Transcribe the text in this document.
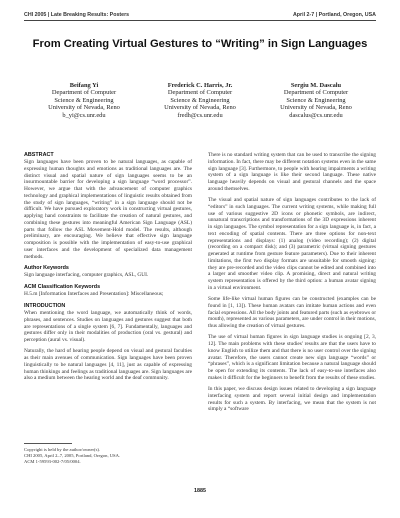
CHI 2005 | Late Breaking Results: Posters	April 2-7 | Portland, Oregon, USA
From Creating Virtual Gestures to “Writing” in Sign Languages
Beifang Yi
Department of Computer
Science & Engineering
University of Nevada, Reno
b_yi@cs.unr.edu
Frederick C. Harris, Jr.
Department of Computer
Science & Engineering
University of Nevada, Reno
fredh@cs.unr.edu
Sergiu M. Dascalu
Department of Computer
Science & Engineering
University of Nevada, Reno
dascalus@cs.unr.edu
ABSTRACT

Sign languages have been proven to be natural languages, as capable of expressing human thoughts and emotions as traditional languages are. The distinct visual and spatial nature of sign languages seems to be an insurmountable barrier for developing a sign language “word processor”. However, we argue that with the advancement of computer graphics technology and graphical implementations of linguistic results obtained from the study of sign languages, “writing” in a sign language should not be difficult. We have pursued exploratory work in constructing virtual gestures, applying hand constraints to facilitate the creation of natural gestures, and combining these gestures into meaningful American Sign Language (ASL) parts that follow the ASL Movement-Hold model. The results, although preliminary, are encouraging. We believe that effective sign language composition is possible with the implementation of easy-to-use graphical user interfaces and the development of specialized data management methods.

Author Keywords

Sign language interfacing, computer graphics, ASL, GUI.

ACM Classification Keywords

H.5.m [Information Interfaces and Presentation]: Miscellaneous;

INTRODUCTION

When mentioning the word language, we automatically think of words, phrases, and sentences. Studies on languages and gestures suggest that both are representations of a single system [6, 7]. Fundamentally, languages and gestures differ only in their modalities of production (oral vs. gestural) and perception (aural vs. visual).

Naturally, the hard of hearing people depend on visual and gestural faculties as their main avenues of communication. Sign languages have been proven linguistically to be natural languages [4, 11], just as capable of expressing human thinkings and feelings as traditional languages are. Sign languages are also a medium between the hearing world and the deaf community.

Copyright is held by the author/owner(s).
CHI 2005, April 2–7, 2005, Portland, Oregon, USA.
ACM 1-59593-002-7/05/0004.

There is no standard writing system that can be used to transcribe the signing information. In fact, there may be different notation systems even in the same sign language [3]. Furthermore, to people with hearing impairments a writing system of a sign language is like their second language. These native language heavily depends on visual and gestural channels and the space around themselves.

The visual and spatial nature of sign languages contributes to the lack of “editors” in such languages. The current writing systems, while making full use of various suggestive 2D icons or phonetic symbols, are indirect, unnatural transcriptions and transformations of the 3D expressions inherent in sign languages. The symbol representation for a sign language is, in fact, a text encoding of spatial contents. There are three options for non-text representations and displays: (1) analog (video recording); (2) digital (recording on a compact disk); and (3) parametric (virtual signing gestures generated at runtime from gesture feature parameters). Due to their inherent limitations, the first two display formats are unsuitable for smooth signing: they are pre-recorded and the video clips cannot be edited and combined into a larger and smoother video clip. A promising, direct and natural writing system representation is offered by the third option: a human avatar signing in a virtual environment.

Some life-like virtual human figures can be constructed (examples can be found in [1, 13]). These human avatars can imitate human actions and even facial expressions. All the body joints and featured parts (such as eyebrows or mouth), represented as various parameters, are under control in their motions, thus allowing the creation of virtual gestures.

The use of virtual human figures in sign language studies is ongoing [2, 3, 12]. The main problems with these studies' results are that the users have to know English to utilize them and that there is no user control over the signing avatar. Therefore, the users cannot create new sign language “words” or “phrases”, which is a significant limitation because a natural language should be open for extending its contents. The lack of easy-to-use interfaces also makes it difficult for the beginners to benefit from the results of these studies.

In this paper, we discuss design issues related to developing a sign language interfacing system and report several initial design and implementation results for such a system. By interfacing, we mean that the system is not simply a “software

1885
